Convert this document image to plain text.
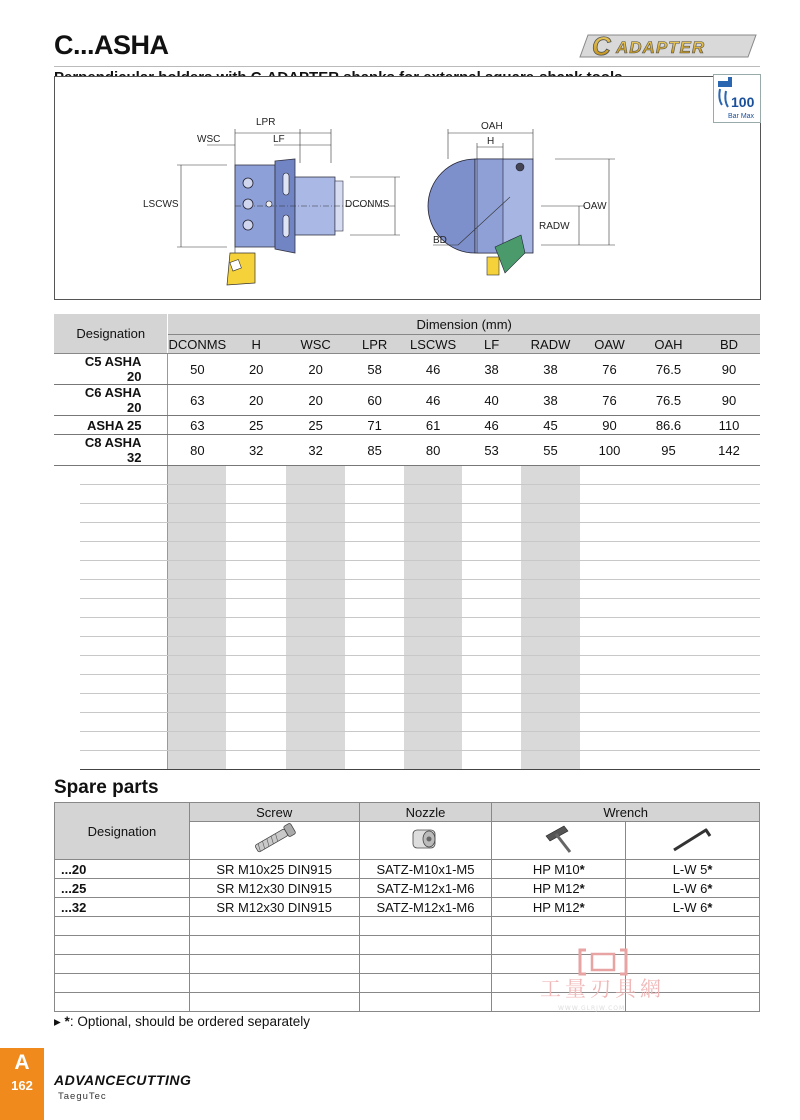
C...ASHA	C ADAPTER
LPR
WSC	LF
LSCWS	DCONMS
OAH
H
OAW
RADW
BD
100
Bar Max
Designation		Dimension (mm)									
		DCONMS	H	WSC	LPR	LSCWS	LF	RADW	OAW	OAH	BD
	C5 ASHA 20	50	20	20	58	46	38	38	76	76.5	90
	C6 ASHA 20	63	20	20	60	46	40	38	76	76.5	90
	ASHA 25	63	25	25	71	61	46	45	90	86.6	110
	C8 ASHA 32	80	32	32	85	80	53	55	100	95	142

Spare parts
Designation	Screw	Nozzle	Wrench	

...20	SR M10x25 DIN915	SATZ-M10x1-M5	HP M10*	L-W 5*
...25	SR M12x30 DIN915	SATZ-M12x1-M6	HP M12*	L-W 6*
...32	SR M12x30 DIN915	SATZ-M12x1-M6	HP M12*	L-W 6*

▸ *: Optional, should be ordered separately
工量刃具網
WWW.GLRJW.COM
A
162	ADVANCECUTTING
TaeguTec
